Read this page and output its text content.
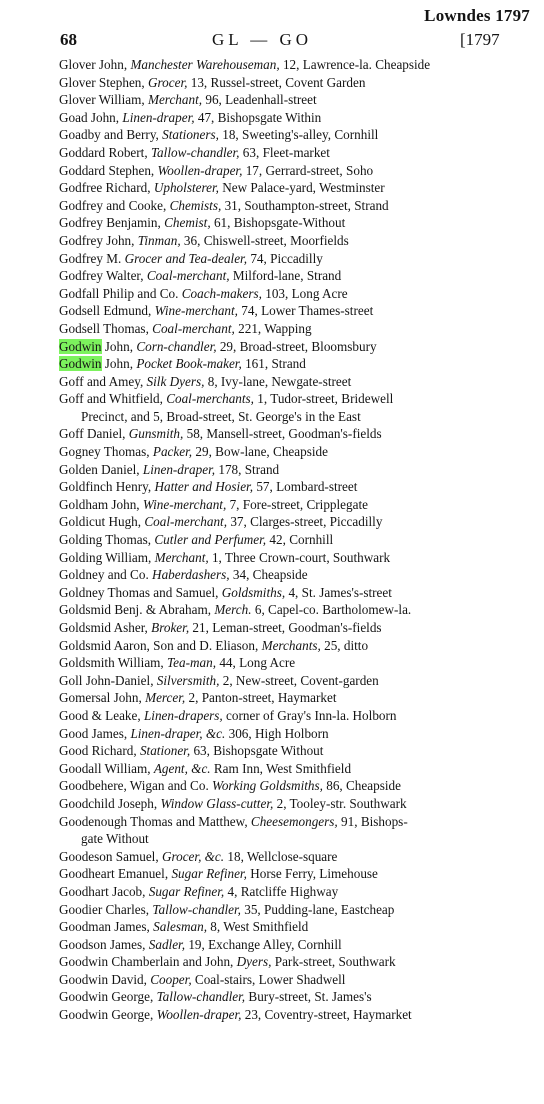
Lowndes 1797
68	GL — GO	[1797
Glover John, Manchester Warehouseman, 12, Lawrence-la. Cheapside
Glover Stephen, Grocer, 13, Russel-street, Covent Garden
Glover William, Merchant, 96, Leadenhall-street
Goad John, Linen-draper, 47, Bishopsgate Within
Goadby and Berry, Stationers, 18, Sweeting's-alley, Cornhill
Goddard Robert, Tallow-chandler, 63, Fleet-market
Goddard Stephen, Woollen-draper, 17, Gerrard-street, Soho
Godfree Richard, Upholsterer, New Palace-yard, Westminster
Godfrey and Cooke, Chemists, 31, Southampton-street, Strand
Godfrey Benjamin, Chemist, 61, Bishopsgate-Without
Godfrey John, Tinman, 36, Chiswell-street, Moorfields
Godfrey M. Grocer and Tea-dealer, 74, Piccadilly
Godfrey Walter, Coal-merchant, Milford-lane, Strand
Godfall Philip and Co. Coach-makers, 103, Long Acre
Godsell Edmund, Wine-merchant, 74, Lower Thames-street
Godsell Thomas, Coal-merchant, 221, Wapping
Godwin John, Corn-chandler, 29, Broad-street, Bloomsbury
Godwin John, Pocket Book-maker, 161, Strand
Goff and Amey, Silk Dyers, 8, Ivy-lane, Newgate-street
Goff and Whitfield, Coal-merchants, 1, Tudor-street, Bridewell
Precinct, and 5, Broad-street, St. George's in the East
Goff Daniel, Gunsmith, 58, Mansell-street, Goodman's-fields
Gogney Thomas, Packer, 29, Bow-lane, Cheapside
Golden Daniel, Linen-draper, 178, Strand
Goldfinch Henry, Hatter and Hosier, 57, Lombard-street
Goldham John, Wine-merchant, 7, Fore-street, Cripplegate
Goldicut Hugh, Coal-merchant, 37, Clarges-street, Piccadilly
Golding Thomas, Cutler and Perfumer, 42, Cornhill
Golding William, Merchant, 1, Three Crown-court, Southwark
Goldney and Co. Haberdashers, 34, Cheapside
Goldney Thomas and Samuel, Goldsmiths, 4, St. James's-street
Goldsmid Benj. & Abraham, Merch. 6, Capel-co. Bartholomew-la.
Goldsmid Asher, Broker, 21, Leman-street, Goodman's-fields
Goldsmid Aaron, Son and D. Eliason, Merchants, 25, ditto
Goldsmith William, Tea-man, 44, Long Acre
Goll John-Daniel, Silversmith, 2, New-street, Covent-garden
Gomersal John, Mercer, 2, Panton-street, Haymarket
Good & Leake, Linen-drapers, corner of Gray's Inn-la. Holborn
Good James, Linen-draper, &c. 306, High Holborn
Good Richard, Stationer, 63, Bishopsgate Without
Goodall William, Agent, &c. Ram Inn, West Smithfield
Goodbehere, Wigan and Co. Working Goldsmiths, 86, Cheapside
Goodchild Joseph, Window Glass-cutter, 2, Tooley-str. Southwark
Goodenough Thomas and Matthew, Cheesemongers, 91, Bishops-
gate Without
Goodeson Samuel, Grocer, &c. 18, Wellclose-square
Goodheart Emanuel, Sugar Refiner, Horse Ferry, Limehouse
Goodhart Jacob, Sugar Refiner, 4, Ratcliffe Highway
Goodier Charles, Tallow-chandler, 35, Pudding-lane, Eastcheap
Goodman James, Salesman, 8, West Smithfield
Goodson James, Sadler, 19, Exchange Alley, Cornhill
Goodwin Chamberlain and John, Dyers, Park-street, Southwark
Goodwin David, Cooper, Coal-stairs, Lower Shadwell
Goodwin George, Tallow-chandler, Bury-street, St. James's
Goodwin George, Woollen-draper, 23, Coventry-street, Haymarket
